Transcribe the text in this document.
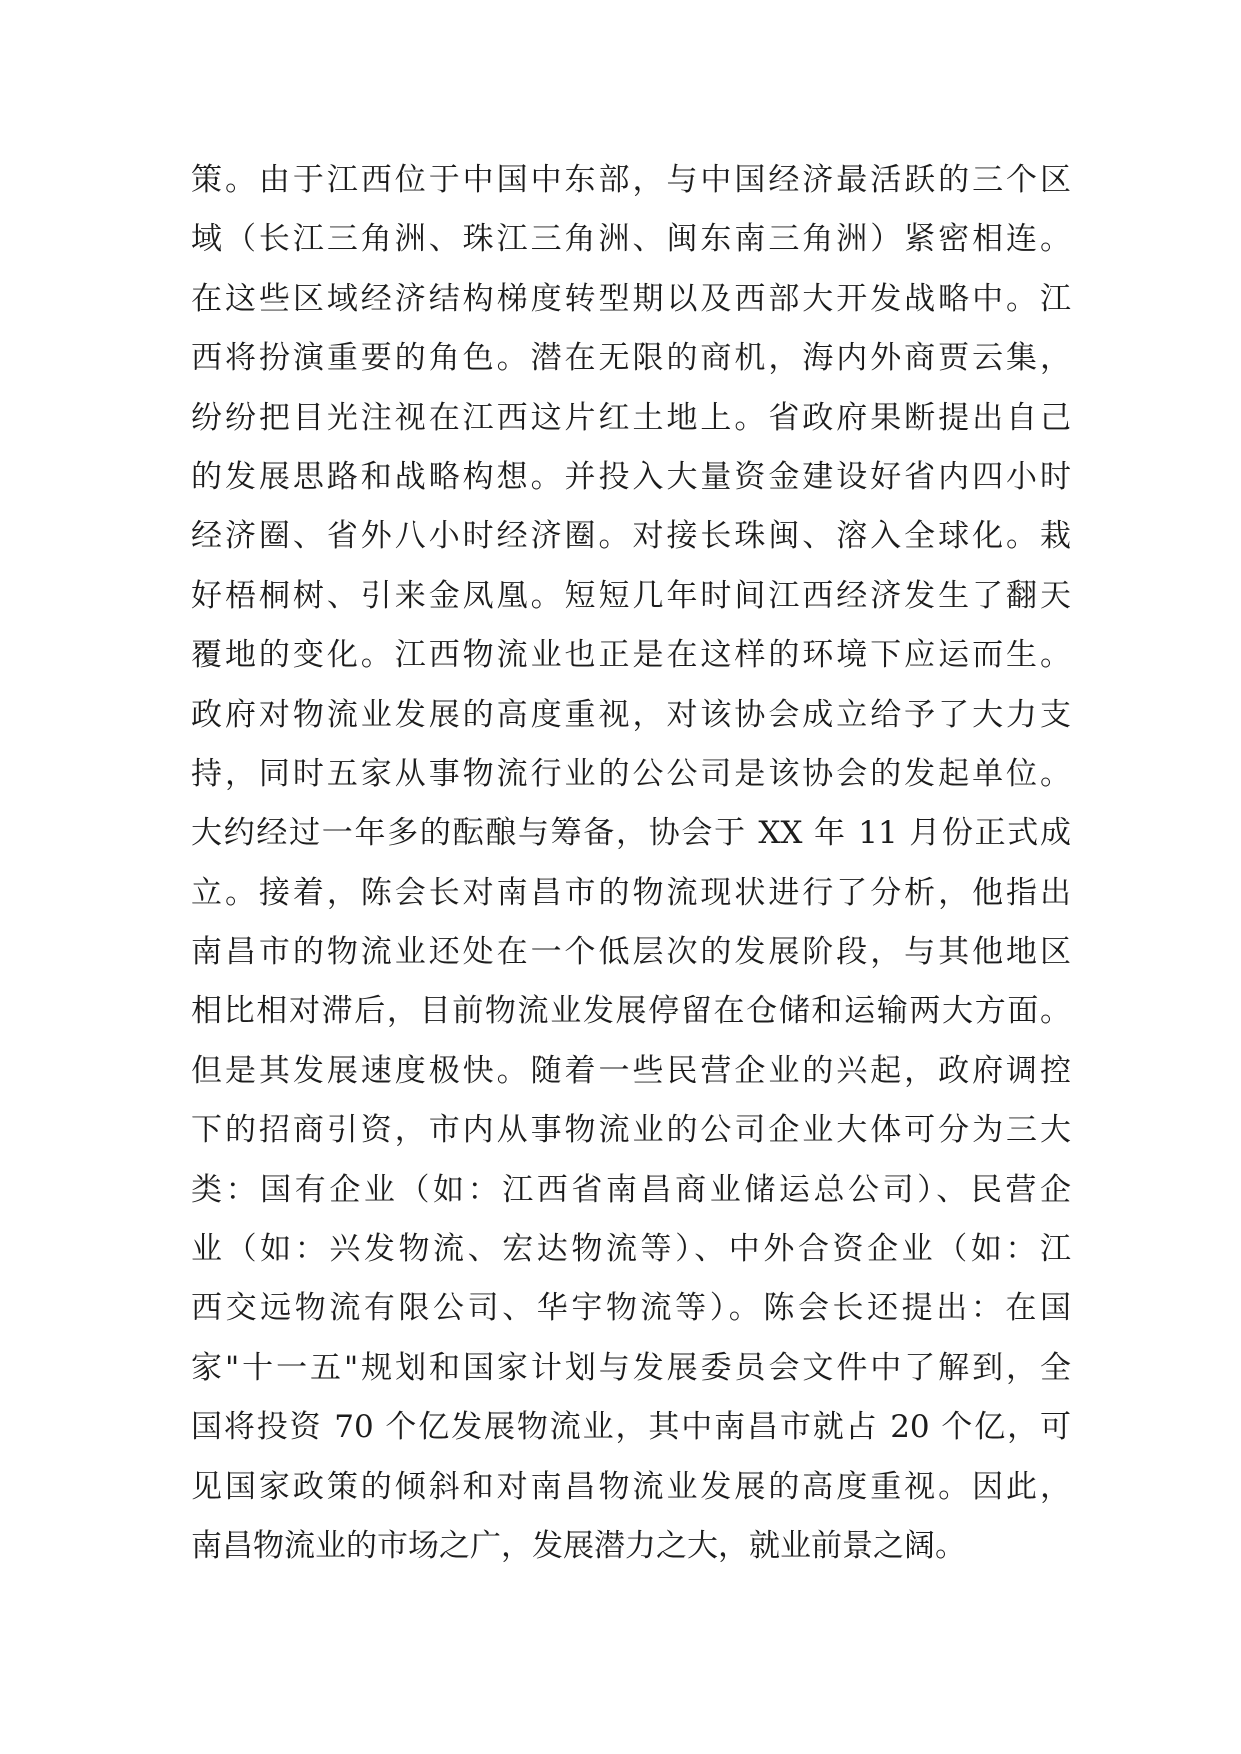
策。由于江西位于中国中东部，与中国经济最活跃的三个区
域（长江三角洲、珠江三角洲、闽东南三角洲）紧密相连。
在这些区域经济结构梯度转型期以及西部大开发战略中。江
西将扮演重要的角色。潜在无限的商机，海内外商贾云集，
纷纷把目光注视在江西这片红土地上。省政府果断提出自己
的发展思路和战略构想。并投入大量资金建设好省内四小时
经济圈、省外八小时经济圈。对接长珠闽、溶入全球化。栽
好梧桐树、引来金凤凰。短短几年时间江西经济发生了翻天
覆地的变化。江西物流业也正是在这样的环境下应运而生。
政府对物流业发展的高度重视，对该协会成立给予了大力支
持，同时五家从事物流行业的公公司是该协会的发起单位。
大约经过一年多的酝酿与筹备，协会于 XX 年 11 月份正式成
立。接着，陈会长对南昌市的物流现状进行了分析，他指出
南昌市的物流业还处在一个低层次的发展阶段，与其他地区
相比相对滞后，目前物流业发展停留在仓储和运输两大方面。
但是其发展速度极快。随着一些民营企业的兴起，政府调控
下的招商引资，市内从事物流业的公司企业大体可分为三大
类：国有企业（如：江西省南昌商业储运总公司）、民营企
业（如：兴发物流、宏达物流等）、中外合资企业（如：江
西交远物流有限公司、华宇物流等）。陈会长还提出：在国
家"十一五"规划和国家计划与发展委员会文件中了解到，全
国将投资 70 个亿发展物流业，其中南昌市就占 20 个亿，可
见国家政策的倾斜和对南昌物流业发展的高度重视。因此，
南昌物流业的市场之广，发展潜力之大，就业前景之阔。
